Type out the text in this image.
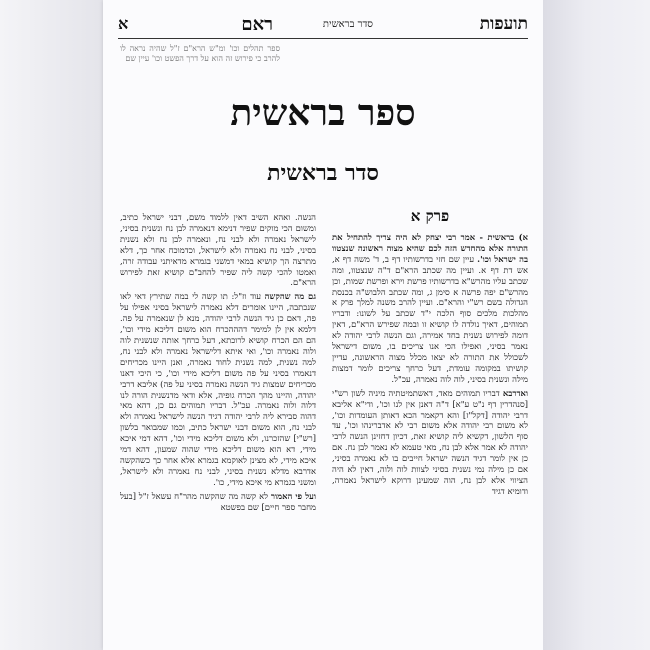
תועפות
סדר בראשית
ראם
א
ספר תהלים וכו' ומ"ש הרא"ם ז"ל שהיה נראה לו להרב כי פירוש זה הוא על דרך הפשט וכו' עיין שם
ספר בראשית
סדר בראשית
פרק א

א) בראשית - אמר רבי יצחק לא היה צריך להתחיל את התורה אלא מהחדש הזה לכם שהיא מצוה ראשונה שנצטוו בה ישראל וכו'. עיין שם חזי בדרשותיו דף ב, ד' משה דף א, אש דת דף א. ועיין מה שכתב הרא"ם ד"ה שנצטוו, ומה שכתב עליו מהרש"א בדרשותיו פרשת וירא ופרשת שמות, וכן מהרש"ם יפה פרשה א סימן ג, ומה שכתב הלבוש"ה בכנסת הגדולה בשם רש"י והרא"ם. ועיין להרב משנה למלך פרק א מהלכות מלכים סוף הלכה י"ד שכתב על לשונו: ודבריו תמוהים, דאיך נולדה לו קושיא זו ובמה שפירש הרא"ם, דאין דומה לפירוש נשנית בחד אמירה, וגם הנשה לרבי יהודה לא נאמר בסיני, ואפילו הכי אנו צריכים בו, משום דישראל לשכולל את התורה לא יצאו מכלל מצוה הראשונה, עדיין קושיתו במקומה עומדת, דעל כרחך צריכים לומר דמצות מילה ונשנית בסיני, לוה לוה נאמרה, עכ"ל.

ואדרבא דבריו תמוהים מאד, דאשתמיטתיה מיניה לשון רש"י [סנהדרין דף נ"ט ע"א] ד"ה דאנן אין לנו וכו', ודי"א אליבא דרבי יהודה [דקל"ז] והא דקאמר הכא דאותן העומדות וכו', לא משום רבי יהודה אלא משום רבי לא אדברינהו וכו', עד סוף הלשון, דקשיא ליה קושיא זאת, דכיון דחזינן הנשה לרבי יהודה לא אמר אלא לבן נח, מאי טעמא לא נאמר לבן נח. אם כן אין לומר דגיד הנשה ישראל חייבים בו לא נאמרה בסיני, אם כן מילה נמי נשנית בסיני לצוות לוה ולוה, דאין לא היה הציווי אלא לבן נח, הוה שמעינן דרוקא לישראל נאמרה, ודומיא דגיד

הנשה. ואהא השיב דאין ללמוד משם, דבני ישראל כתיב, ומשום הכי מוקים שפיר דנימא דנאמרה לבן נח ונשנית בסיני, לישראל נאמרה ולא לבני נח, ונאמרה לבן נח ולא נשנית בסיני, לבני נח נאמרה ולא לישראל, וכדמוכח אחר כך, דלא מתרצה הך קושיא במאי דמשני בגמרא מדאיתני עבודה זרה, ואמטו להכי קשה ליה שפיר להחב"ם קושיא זאת לפירוש הרא"ם.

גם מה שהקשה עוד וז"ל: תו קשה לי במה שתירץ דאי לאו שנכתבה, היינו אומרים דלא נאמרה לישראל בסיני אפילו על פה, דאם כן גיד הנשה לרבי יהודה, מנא לן שנאמרה על פה. דלמא אין לן למימר דהההכרח הוא משום דליכא מידי וכו', הם הם הכרח קושיא לרוכתא, דעל כרחך אותה שנשנית לוה ולוה נאמרה וכו', ואי איתא דלישראל נאמרה ולא לבני נח, למה נשנית, למה נשנית לחוד נאמרה, ואנן היינו מכריחים דנאמרו בסיני על פה משום דליכא מידי וכו', כי היכי דאנו מכריחים שמצות גיד הנשה נאמרה בסיני על פה) אליבא דרבי יהודה, והיינו מהך הכרח גופיה, אלא ודאי מדנשנית הורה לנו דלוה ולוה נאמרה. עכ"ל. דבריו תמוהים גם כן, דהא מאי דהוה סבירא ליה לרבי יהודה דגיד הנשה לישראל נאמרה ולא לבני נח, הוא משום דבני ישראל כתיב, וכמו שמבואר בלשון [רש"י] שהזכרנו, ולא משום דליכא מידי וכו', דהא דמי איכא מידי, דא הוא משום דליכא מידי שהוה שמעון, דהא דמי איכא מידי, לא מצינן לאוקמא בגמרא אלא אחר כך כשהקשה אדרבא מדלא נשנית בסיני, לבני נח נאמרה ולא לישראל, ומשני בגמרא מי איכא מידי, כו'.

ועל פי האמור לא קשה מה שהקשה מהר"ח עשאל ז"ל [בעל מחבר ספר חיים] שם בפשטא
